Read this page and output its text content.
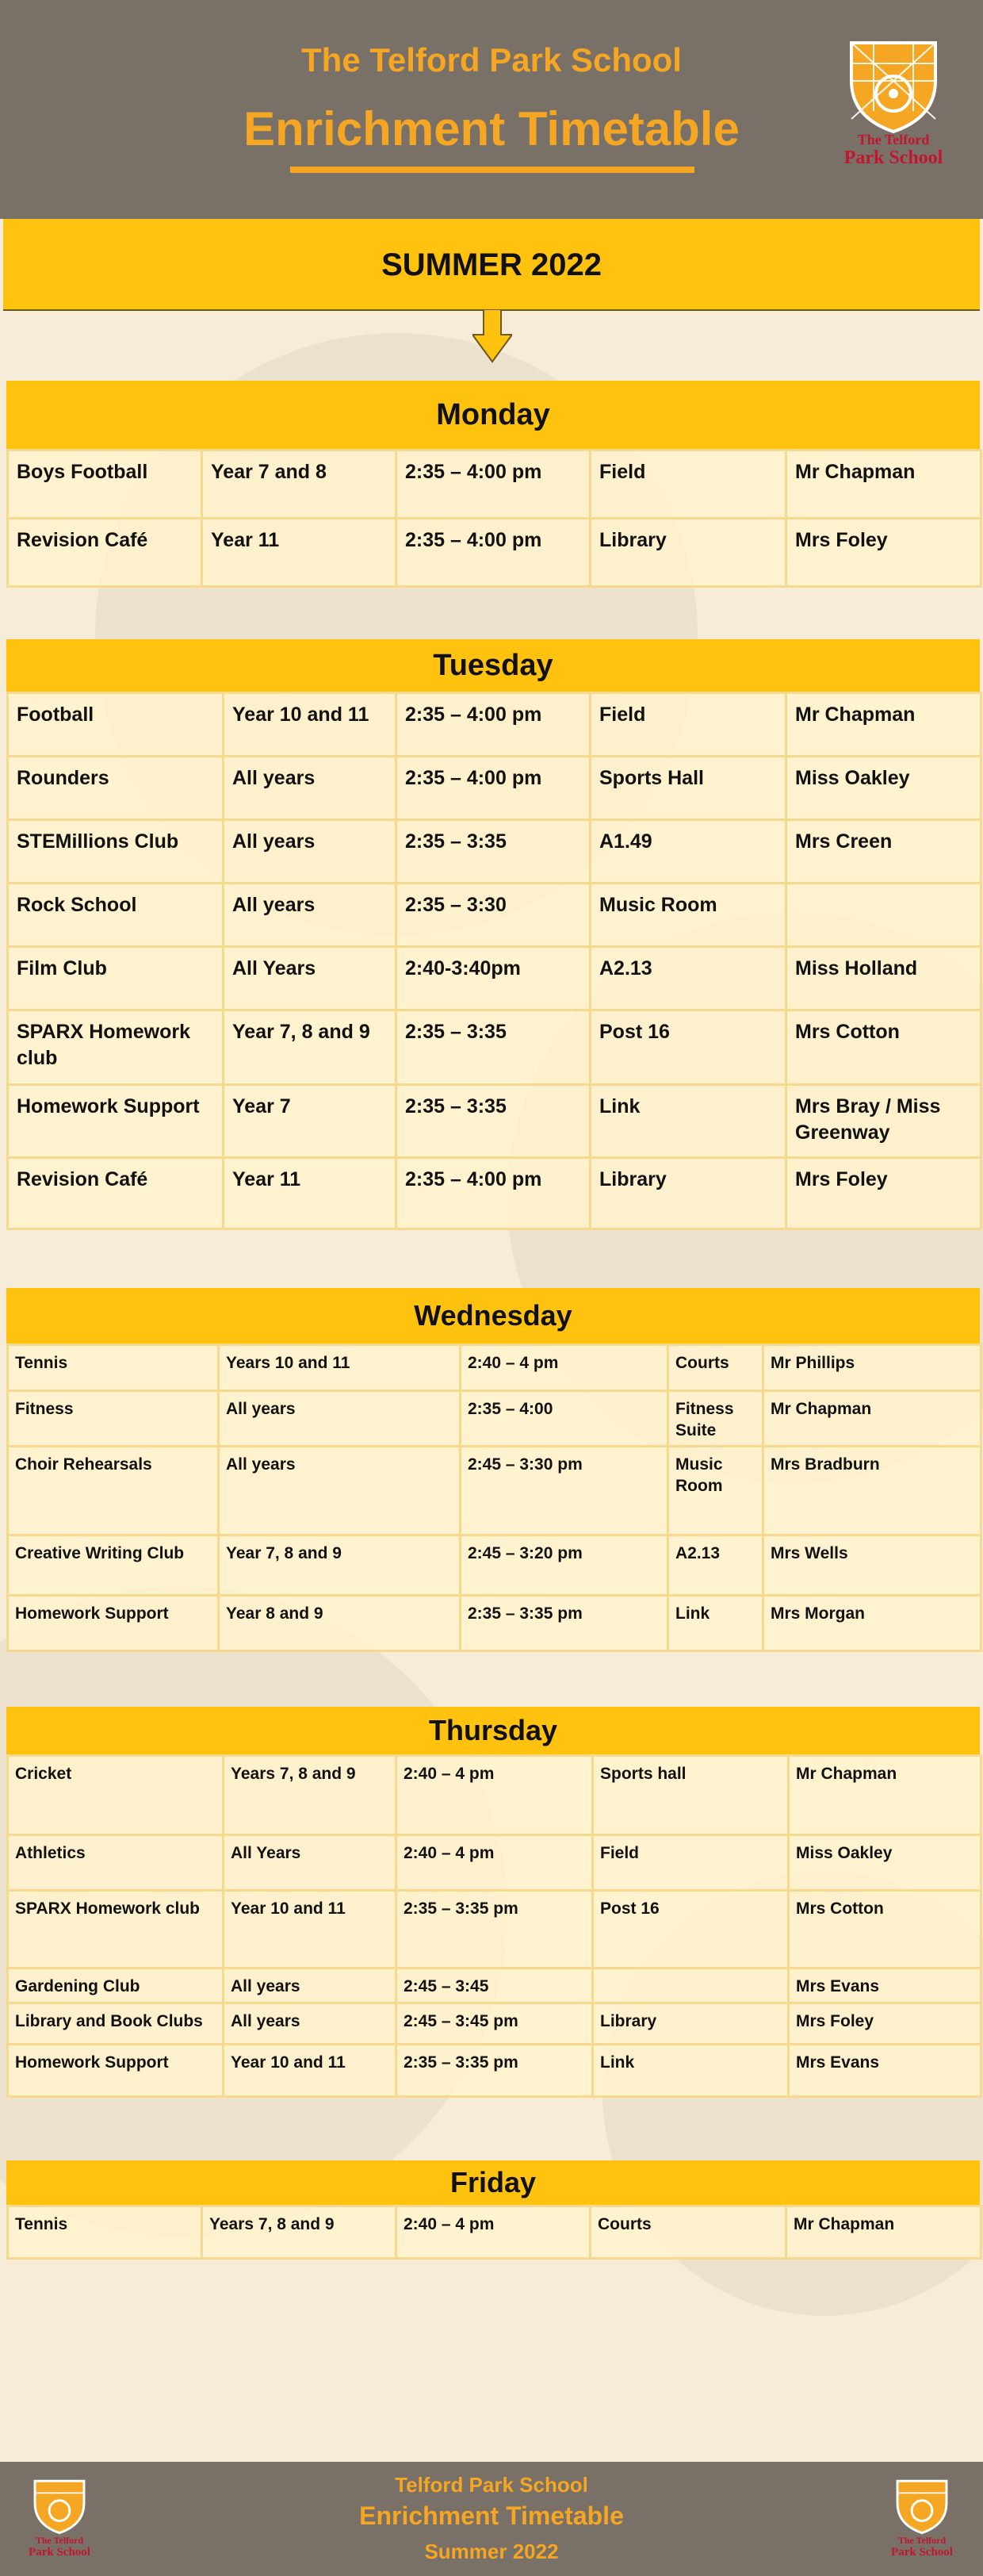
The Telford Park School
Enrichment Timetable	The Telford
Park School
SUMMER 2022
Monday
Boys Football	Year 7 and 8	2:35 – 4:00 pm	Field	Mr Chapman
Revision Café	Year 11	2:35 – 4:00 pm	Library	Mrs Foley
Tuesday
Football	Year 10 and 11	2:35 – 4:00 pm	Field	Mr Chapman
Rounders	All years	2:35 – 4:00 pm	Sports Hall	Miss Oakley
STEMillions Club	All years	2:35 – 3:35	A1.49	Mrs Creen
Rock School	All years	2:35 – 3:30	Music Room	
Film Club	All Years	2:40-3:40pm	A2.13	Miss Holland
SPARX Homework club	Year 7, 8 and 9	2:35 – 3:35	Post 16	Mrs Cotton
Homework Support	Year 7	2:35 – 3:35	Link	Mrs Bray / Miss Greenway
Revision Café	Year 11	2:35 – 4:00 pm	Library	Mrs Foley
Wednesday
Tennis	Years 10 and 11	2:40 – 4 pm	Courts	Mr Phillips
Fitness	All years	2:35 – 4:00	Fitness Suite	Mr Chapman
Choir Rehearsals	All years	2:45 – 3:30 pm	Music Room	Mrs Bradburn
Creative Writing Club	Year 7, 8 and 9	2:45 – 3:20 pm	A2.13	Mrs Wells
Homework Support	Year 8 and 9	2:35 – 3:35 pm	Link	Mrs Morgan
Thursday
Cricket	Years 7, 8 and 9	2:40 – 4 pm	Sports hall	Mr Chapman
Athletics	All Years	2:40 – 4 pm	Field	Miss Oakley
SPARX Homework club	Year 10 and 11	2:35 – 3:35 pm	Post 16	Mrs Cotton
Gardening Club	All years	2:45 – 3:45		Mrs Evans
Library and Book Clubs	All years	2:45 – 3:45 pm	Library	Mrs Foley
Homework Support	Year 10 and 11	2:35 – 3:35 pm	Link	Mrs Evans
Friday
Tennis	Years 7, 8 and 9	2:40 – 4 pm	Courts	Mr Chapman
Telford Park School
Enrichment Timetable
Summer 2022
The Telford
Park School
The Telford
Park School
